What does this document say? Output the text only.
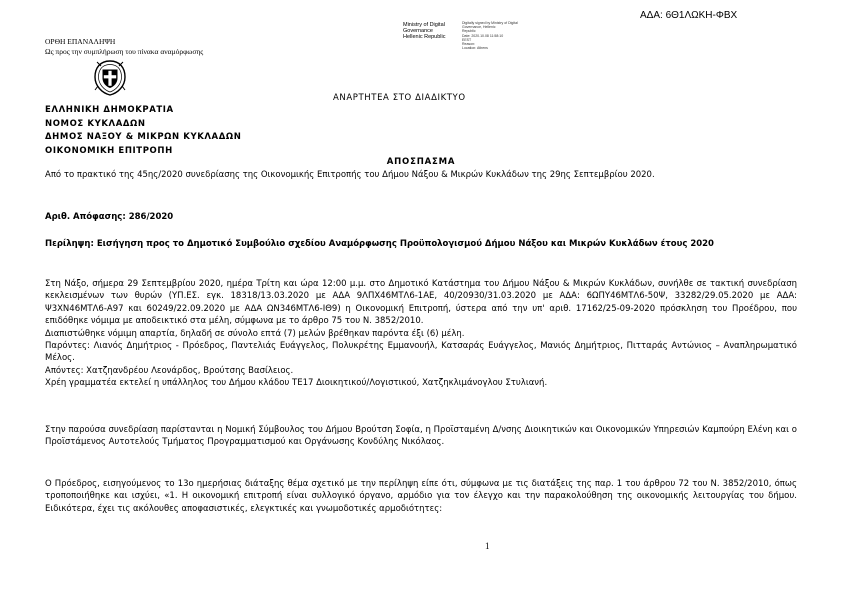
ΑΔΑ: 6Θ1ΛΩΚΗ-ΦΒΧ
Ministry of Digital
Governance
Hellenic Republic
Digitally signed by Ministry of Digital
Governance, Hellenic
Republic
Date: 2020.10.08 11:58:10
EEST
Reason:
Location: Athens
ΟΡΘΗ ΕΠΑΝΑΛΗΨΗ
Ως προς την συμπλήρωση του πίνακα αναμόρφωσης
ΕΛΛΗΝΙΚΗ ΔΗΜΟΚΡΑΤΙΑ
ΝΟΜΟΣ ΚΥΚΛΑΔΩΝ
ΔΗΜΟΣ ΝΑΞΟΥ & ΜΙΚΡΩΝ ΚΥΚΛΑΔΩΝ
ΟΙΚΟΝΟΜΙΚΗ ΕΠΙΤΡΟΠΗ
ΑΝΑΡΤΗΤΕΑ ΣΤΟ ΔΙΑΔΙΚΤΥΟ
ΑΠΟΣΠΑΣΜΑ

Από το πρακτικό της 45ης/2020 συνεδρίασης της Οικονομικής Επιτροπής του Δήμου Νάξου & Μικρών Κυκλάδων της 29ης Σεπτεμβρίου 2020.

Αριθ. Απόφασης: 286/2020
Περίληψη: Εισήγηση προς το Δημοτικό Συμβούλιο σχεδίου Αναμόρφωσης Προϋπολογισμού Δήμου Νάξου και Μικρών Κυκλάδων έτους 2020

Στη Νάξο, σήμερα 29 Σεπτεμβρίου 2020, ημέρα Τρίτη και ώρα 12:00 μ.μ. στο Δημοτικό Κατάστημα του Δήμου Νάξου & Μικρών Κυκλάδων, συνήλθε σε τακτική συνεδρίαση κεκλεισμένων των θυρών (ΥΠ.ΕΣ. εγκ. 18318/13.03.2020 με ΑΔΑ 9ΛΠΧ46ΜΤΛ6-1ΑΕ, 40/20930/31.03.2020 με ΑΔΑ: 6ΩΠΥ46ΜΤΛ6-50Ψ, 33282/29.05.2020 με ΑΔΑ: Ψ3ΧΝ46ΜΤΛ6-Α97 και 60249/22.09.2020 με ΑΔΑ ΩΝ346ΜΤΛ6-ΙΘ9) η Οικονομική Επιτροπή, ύστερα από την υπ' αριθ. 17162/25-09-2020 πρόσκληση του Προέδρου, που επιδόθηκε νόμιμα με αποδεικτικό στα μέλη, σύμφωνα με το άρθρο 75 του Ν. 3852/2010.

Διαπιστώθηκε νόμιμη απαρτία, δηλαδή σε σύνολο επτά (7) μελών βρέθηκαν παρόντα έξι (6) μέλη.

Παρόντες: Λιανός Δημήτριος - Πρόεδρος, Παντελιάς Ευάγγελος, Πολυκρέτης Εμμανουήλ, Κατσαράς Ευάγγελος, Μανιός Δημήτριος, Πιτταράς Αντώνιος – Αναπληρωματικό Μέλος.

Απόντες: Χατζηανδρέου Λεονάρδος, Βρούτσης Βασίλειος.

Χρέη γραμματέα εκτελεί η υπάλληλος του Δήμου κλάδου ΤΕ17 Διοικητικού/Λογιστικού, Χατζηκλιμάνογλου Στυλιανή.

Στην παρούσα συνεδρίαση παρίστανται η Νομική Σύμβουλος του Δήμου Βρούτση Σοφία, η Προϊσταμένη Δ/νσης Διοικητικών και Οικονομικών Υπηρεσιών Καμπούρη Ελένη και ο Προϊστάμενος Αυτοτελούς Τμήματος Προγραμματισμού και Οργάνωσης Κονδύλης Νικόλαος.
Ο Πρόεδρος, εισηγούμενος το 13ο ημερήσιας διάταξης θέμα σχετικό με την περίληψη είπε ότι, σύμφωνα με τις διατάξεις της παρ. 1 του άρθρου 72 του Ν. 3852/2010, όπως τροποποιήθηκε και ισχύει, «1. Η οικονομική επιτροπή είναι συλλογικό όργανο, αρμόδιο για τον έλεγχο και την παρακολούθηση της οικονομικής λειτουργίας του δήμου. Ειδικότερα, έχει τις ακόλουθες αποφασιστικές, ελεγκτικές και γνωμοδοτικές αρμοδιότητες:
1
